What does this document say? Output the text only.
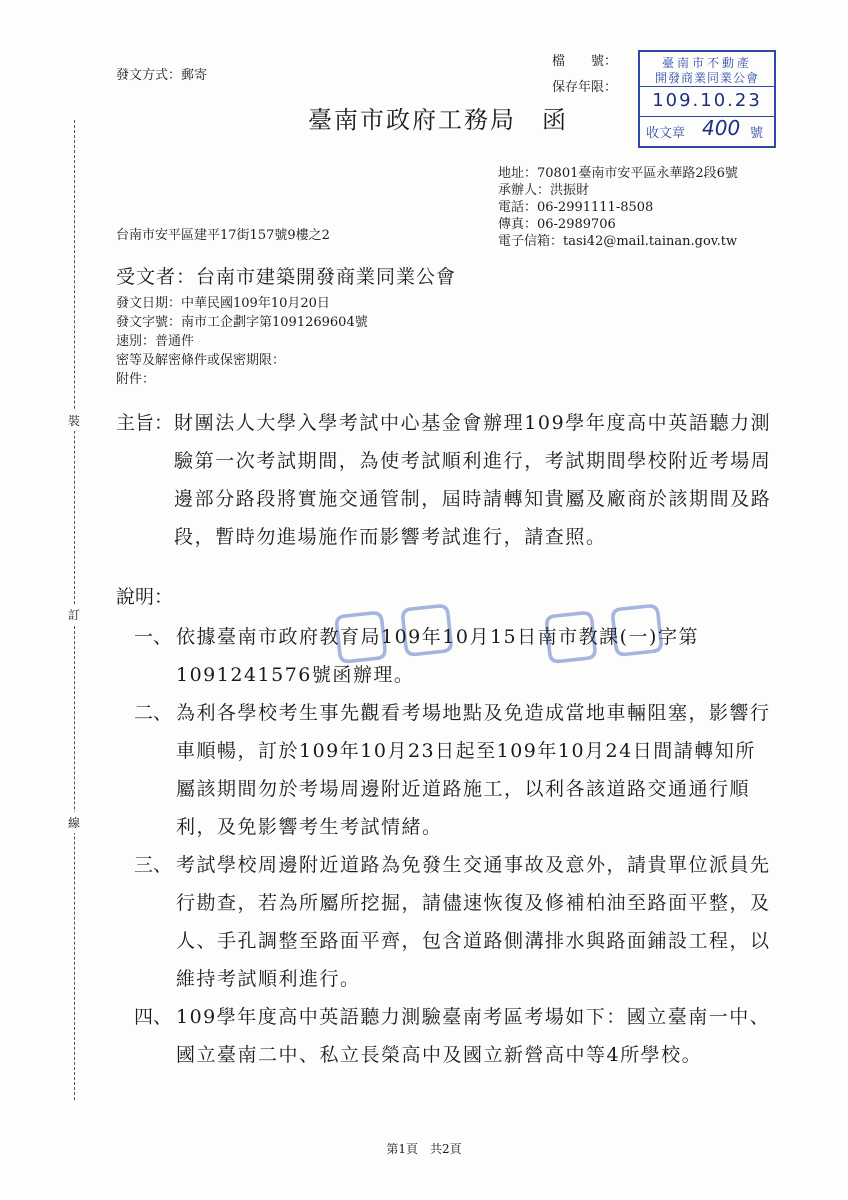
發文方式：郵寄
檔　　號：
保存年限：
臺南市政府工務局　函
臺南市不動產
開發商業同業公會
109.10.23
收文章 400 號
地址：70801臺南市安平區永華路2段6號
承辦人：洪振財
電話：06-2991111-8508
傳真：06-2989706
電子信箱：tasi42@mail.tainan.gov.tw
台南市安平區建平17街157號9樓之2
受文者：台南市建築開發商業同業公會
發文日期：中華民國109年10月20日
發文字號：南市工企劃字第1091269604號
速別：普通件
密等及解密條件或保密期限：
附件：
裝
訂
線
▢▢ ▢▢
主旨： 財團法人大學入學考試中心基金會辦理109學年度高中英語聽力測驗第一次考試期間，為使考試順利進行，考試期間學校附近考場周邊部分路段將實施交通管制，屆時請轉知貴屬及廠商於該期間及路段，暫時勿進場施作而影響考試進行，請查照。
說明：
一、 依據臺南市政府教育局109年10月15日南市教課(一)字第1091241576號函辦理。
二、 為利各學校考生事先觀看考場地點及免造成當地車輛阻塞，影響行車順暢，訂於109年10月23日起至109年10月24日間請轉知所屬該期間勿於考場周邊附近道路施工，以利各該道路交通通行順利，及免影響考生考試情緒。
三、 考試學校周邊附近道路為免發生交通事故及意外，請貴單位派員先行勘查，若為所屬所挖掘，請儘速恢復及修補柏油至路面平整，及人、手孔調整至路面平齊，包含道路側溝排水與路面鋪設工程，以維持考試順利進行。
四、 109學年度高中英語聽力測驗臺南考區考場如下：國立臺南一中、國立臺南二中、私立長榮高中及國立新營高中等4所學校。
第1頁　共2頁
